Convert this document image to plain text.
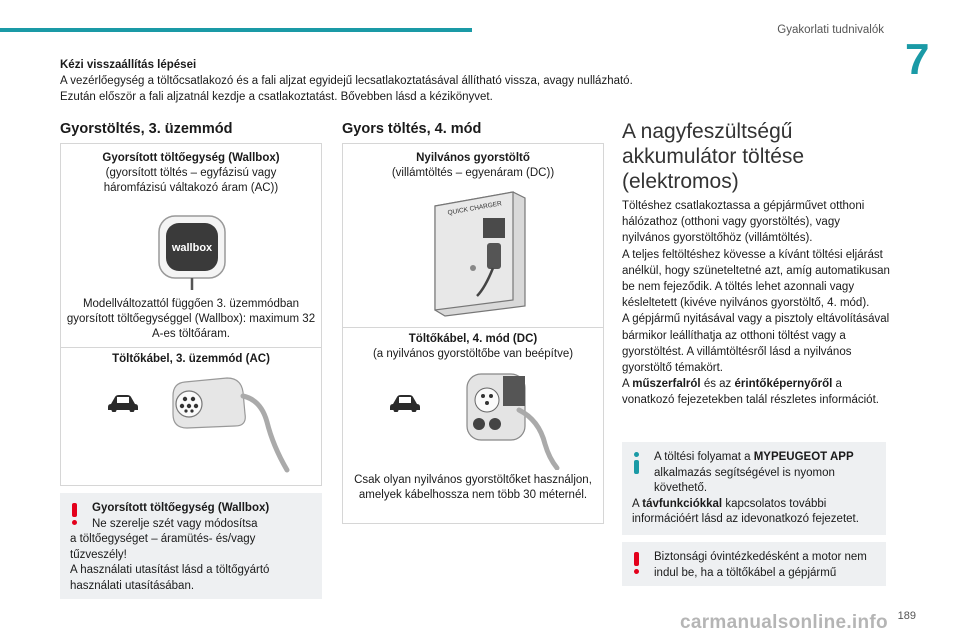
Gyakorlati tudnivalók
7
Kézi visszaállítás lépései
A vezérlőegység a töltőcsatlakozó és a fali aljzat egyidejű lecsatlakoztatásával állítható vissza, avagy nullázható.
Ezután először a fali aljzatnál kezdje a csatlakoztatást. Bővebben lásd a kézikönyvet.
Gyorstöltés, 3. üzemmód
Gyorsított töltőegység (Wallbox)
(gyorsított töltés – egyfázisú vagy háromfázisú váltakozó áram (AC))
wallbox
Modellváltozattól függően 3. üzemmódban gyorsított töltőegységgel (Wallbox): maximum 32 A-es töltőáram.
Töltőkábel, 3. üzemmód (AC)
Gyorsított töltőegység (Wallbox)
Ne szerelje szét vagy módosítsa
a töltőegységet – áramütés- és/vagy tűzveszély!
A használati utasítást lásd a töltőgyártó használati utasításában.
Gyors töltés, 4. mód
Nyilvános gyorstöltő
(villámtöltés – egyenáram (DC))
QUICK CHARGER
Töltőkábel, 4. mód (DC)
(a nyilvános gyorstöltőbe van beépítve)
Csak olyan nyilvános gyorstöltőket használjon, amelyek kábelhossza nem több 30 méternél.
A nagyfeszültségű akkumulátor töltése (elektromos)
Töltéshez csatlakoztassa a gépjárművet otthoni hálózathoz (otthoni vagy gyorstöltés), vagy nyilvános gyorstöltőhöz (villámtöltés).
A teljes feltöltéshez kövesse a kívánt töltési eljárást anélkül, hogy szüneteltetné azt, amíg automatikusan be nem fejeződik. A töltés lehet azonnali vagy késleltetett (kivéve nyilvános gyorstöltő, 4. mód).
A gépjármű nyitásával vagy a pisztoly eltávolításával bármikor leállíthatja az otthoni töltést vagy a gyorstöltést. A villámtöltésről lásd a nyilvános gyorstöltő témakört.
A műszerfalról és az érintőképernyőről a vonatkozó fejezetekben talál részletes információt.
A töltési folyamat a MYPEUGEOT APP alkalmazás segítségével is nyomon követhető.
A távfunkciókkal kapcsolatos további információért lásd az idevonatkozó fejezetet.
Biztonsági óvintézkedésként a motor nem indul be, ha a töltőkábel a gépjármű
carmanualsonline.info 189
